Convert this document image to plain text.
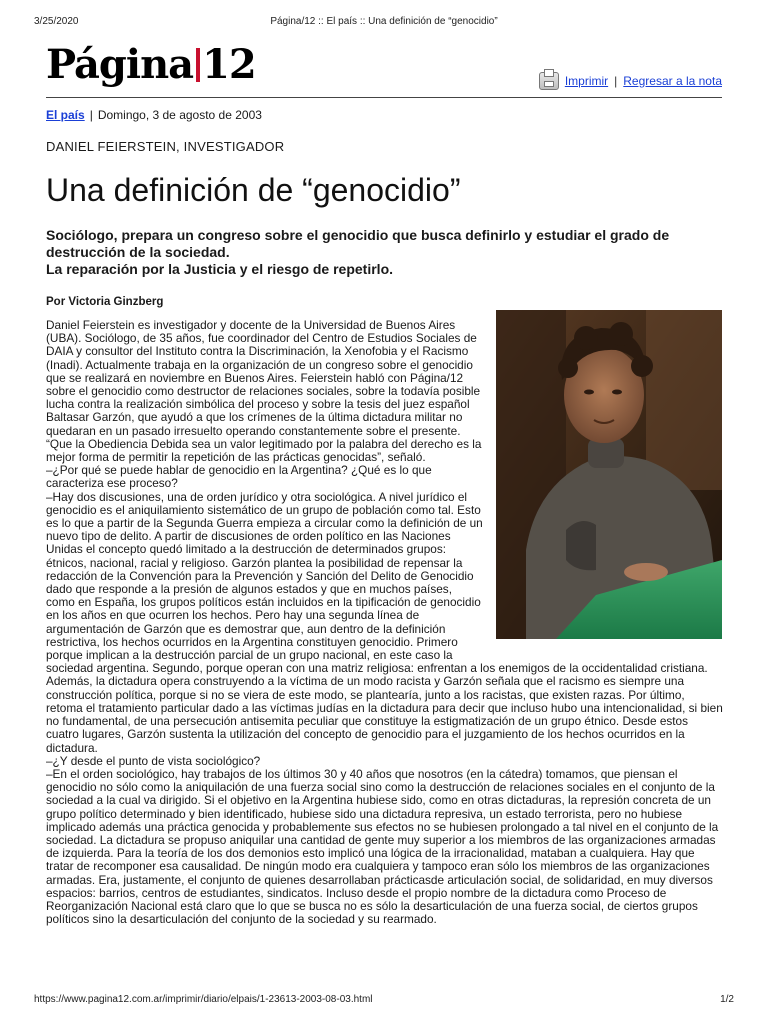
3/25/2020	Página/12 :: El país :: Una definición de “genocidio”
Página 12	Imprimir | Regresar a la nota
El país | Domingo, 3 de agosto de 2003
DANIEL FEIERSTEIN, INVESTIGADOR
Una definición de “genocidio”
Sociólogo, prepara un congreso sobre el genocidio que busca definirlo y estudiar el grado de destrucción de la sociedad.
La reparación por la Justicia y el riesgo de repetirlo.
Por Victoria Ginzberg

Daniel Feierstein es investigador y docente de la Universidad de Buenos Aires (UBA). Sociólogo, de 35 años, fue coordinador del Centro de Estudios Sociales de DAIA y consultor del Instituto contra la Discriminación, la Xenofobia y el Racismo (Inadi). Actualmente trabaja en la organización de un congreso sobre el genocidio que se realizará en noviembre en Buenos Aires. Feierstein habló con Página/12 sobre el genocidio como destructor de relaciones sociales, sobre la todavía posible lucha contra la realización simbólica del proceso y sobre la tesis del juez español Baltasar Garzón, que ayudó a que los crímenes de la última dictadura militar no quedaran en un pasado irresuelto operando constantemente sobre el presente. “Que la Obediencia Debida sea un valor legitimado por la palabra del derecho es la mejor forma de permitir la repetición de las prácticas genocidas”, señaló.

–¿Por qué se puede hablar de genocidio en la Argentina? ¿Qué es lo que caracteriza ese proceso?

–Hay dos discusiones, una de orden jurídico y otra sociológica. A nivel jurídico el genocidio es el aniquilamiento sistemático de un grupo de población como tal. Esto es lo que a partir de la Segunda Guerra empieza a circular como la definición de un nuevo tipo de delito. A partir de discusiones de orden político en las Naciones Unidas el concepto quedó limitado a la destrucción de determinados grupos: étnicos, nacional, racial y religioso. Garzón plantea la posibilidad de repensar la redacción de la Convención para la Prevención y Sanción del Delito de Genocidio dado que responde a la presión de algunos estados y que en muchos países, como en España, los grupos políticos están incluidos en la tipificación de genocidio en los años en que ocurren los hechos. Pero hay una segunda línea de argumentación de Garzón que es demostrar que, aun dentro de la definición restrictiva, los hechos ocurridos en la Argentina constituyen genocidio. Primero porque implican a la destrucción parcial de un grupo nacional, en este caso la sociedad argentina. Segundo, porque operan con una matriz religiosa: enfrentan a los enemigos de la occidentalidad cristiana. Además, la dictadura opera construyendo a la víctima de un modo racista y Garzón señala que el racismo es siempre una construcción política, porque si no se viera de este modo, se plantearía, junto a los racistas, que existen razas. Por último, retoma el tratamiento particular dado a las víctimas judías en la dictadura para decir que incluso hubo una intencionalidad, si bien no fundamental, de una persecución antisemita peculiar que constituye la estigmatización de un grupo étnico. Desde estos cuatro lugares, Garzón sustenta la utilización del concepto de genocidio para el juzgamiento de los hechos ocurridos en la dictadura.

–¿Y desde el punto de vista sociológico?

–En el orden sociológico, hay trabajos de los últimos 30 y 40 años que nosotros (en la cátedra) tomamos, que piensan el genocidio no sólo como la aniquilación de una fuerza social sino como la destrucción de relaciones sociales en el conjunto de la sociedad a la cual va dirigido. Si el objetivo en la Argentina hubiese sido, como en otras dictaduras, la represión concreta de un grupo político determinado y bien identificado, hubiese sido una dictadura represiva, un estado terrorista, pero no hubiese implicado además una práctica genocida y probablemente sus efectos no se hubiesen prolongado a tal nivel en el conjunto de la sociedad. La dictadura se propuso aniquilar una cantidad de gente muy superior a los miembros de las organizaciones armadas de izquierda. Para la teoría de los dos demonios esto implicó una lógica de la irracionalidad, mataban a cualquiera. Hay que tratar de recomponer esa causalidad. De ningún modo era cualquiera y tampoco eran sólo los miembros de las organizaciones armadas. Era, justamente, el conjunto de quienes desarrollaban prácticasde articulación social, de solidaridad, en muy diversos espacios: barrios, centros de estudiantes, sindicatos. Incluso desde el propio nombre de la dictadura como Proceso de Reorganización Nacional está claro que lo que se busca no es sólo la desarticulación de una fuerza social, de ciertos grupos políticos sino la desarticulación del conjunto de la sociedad y su rearmado.

https://www.pagina12.com.ar/imprimir/diario/elpais/1-23613-2003-08-03.html	1/2
